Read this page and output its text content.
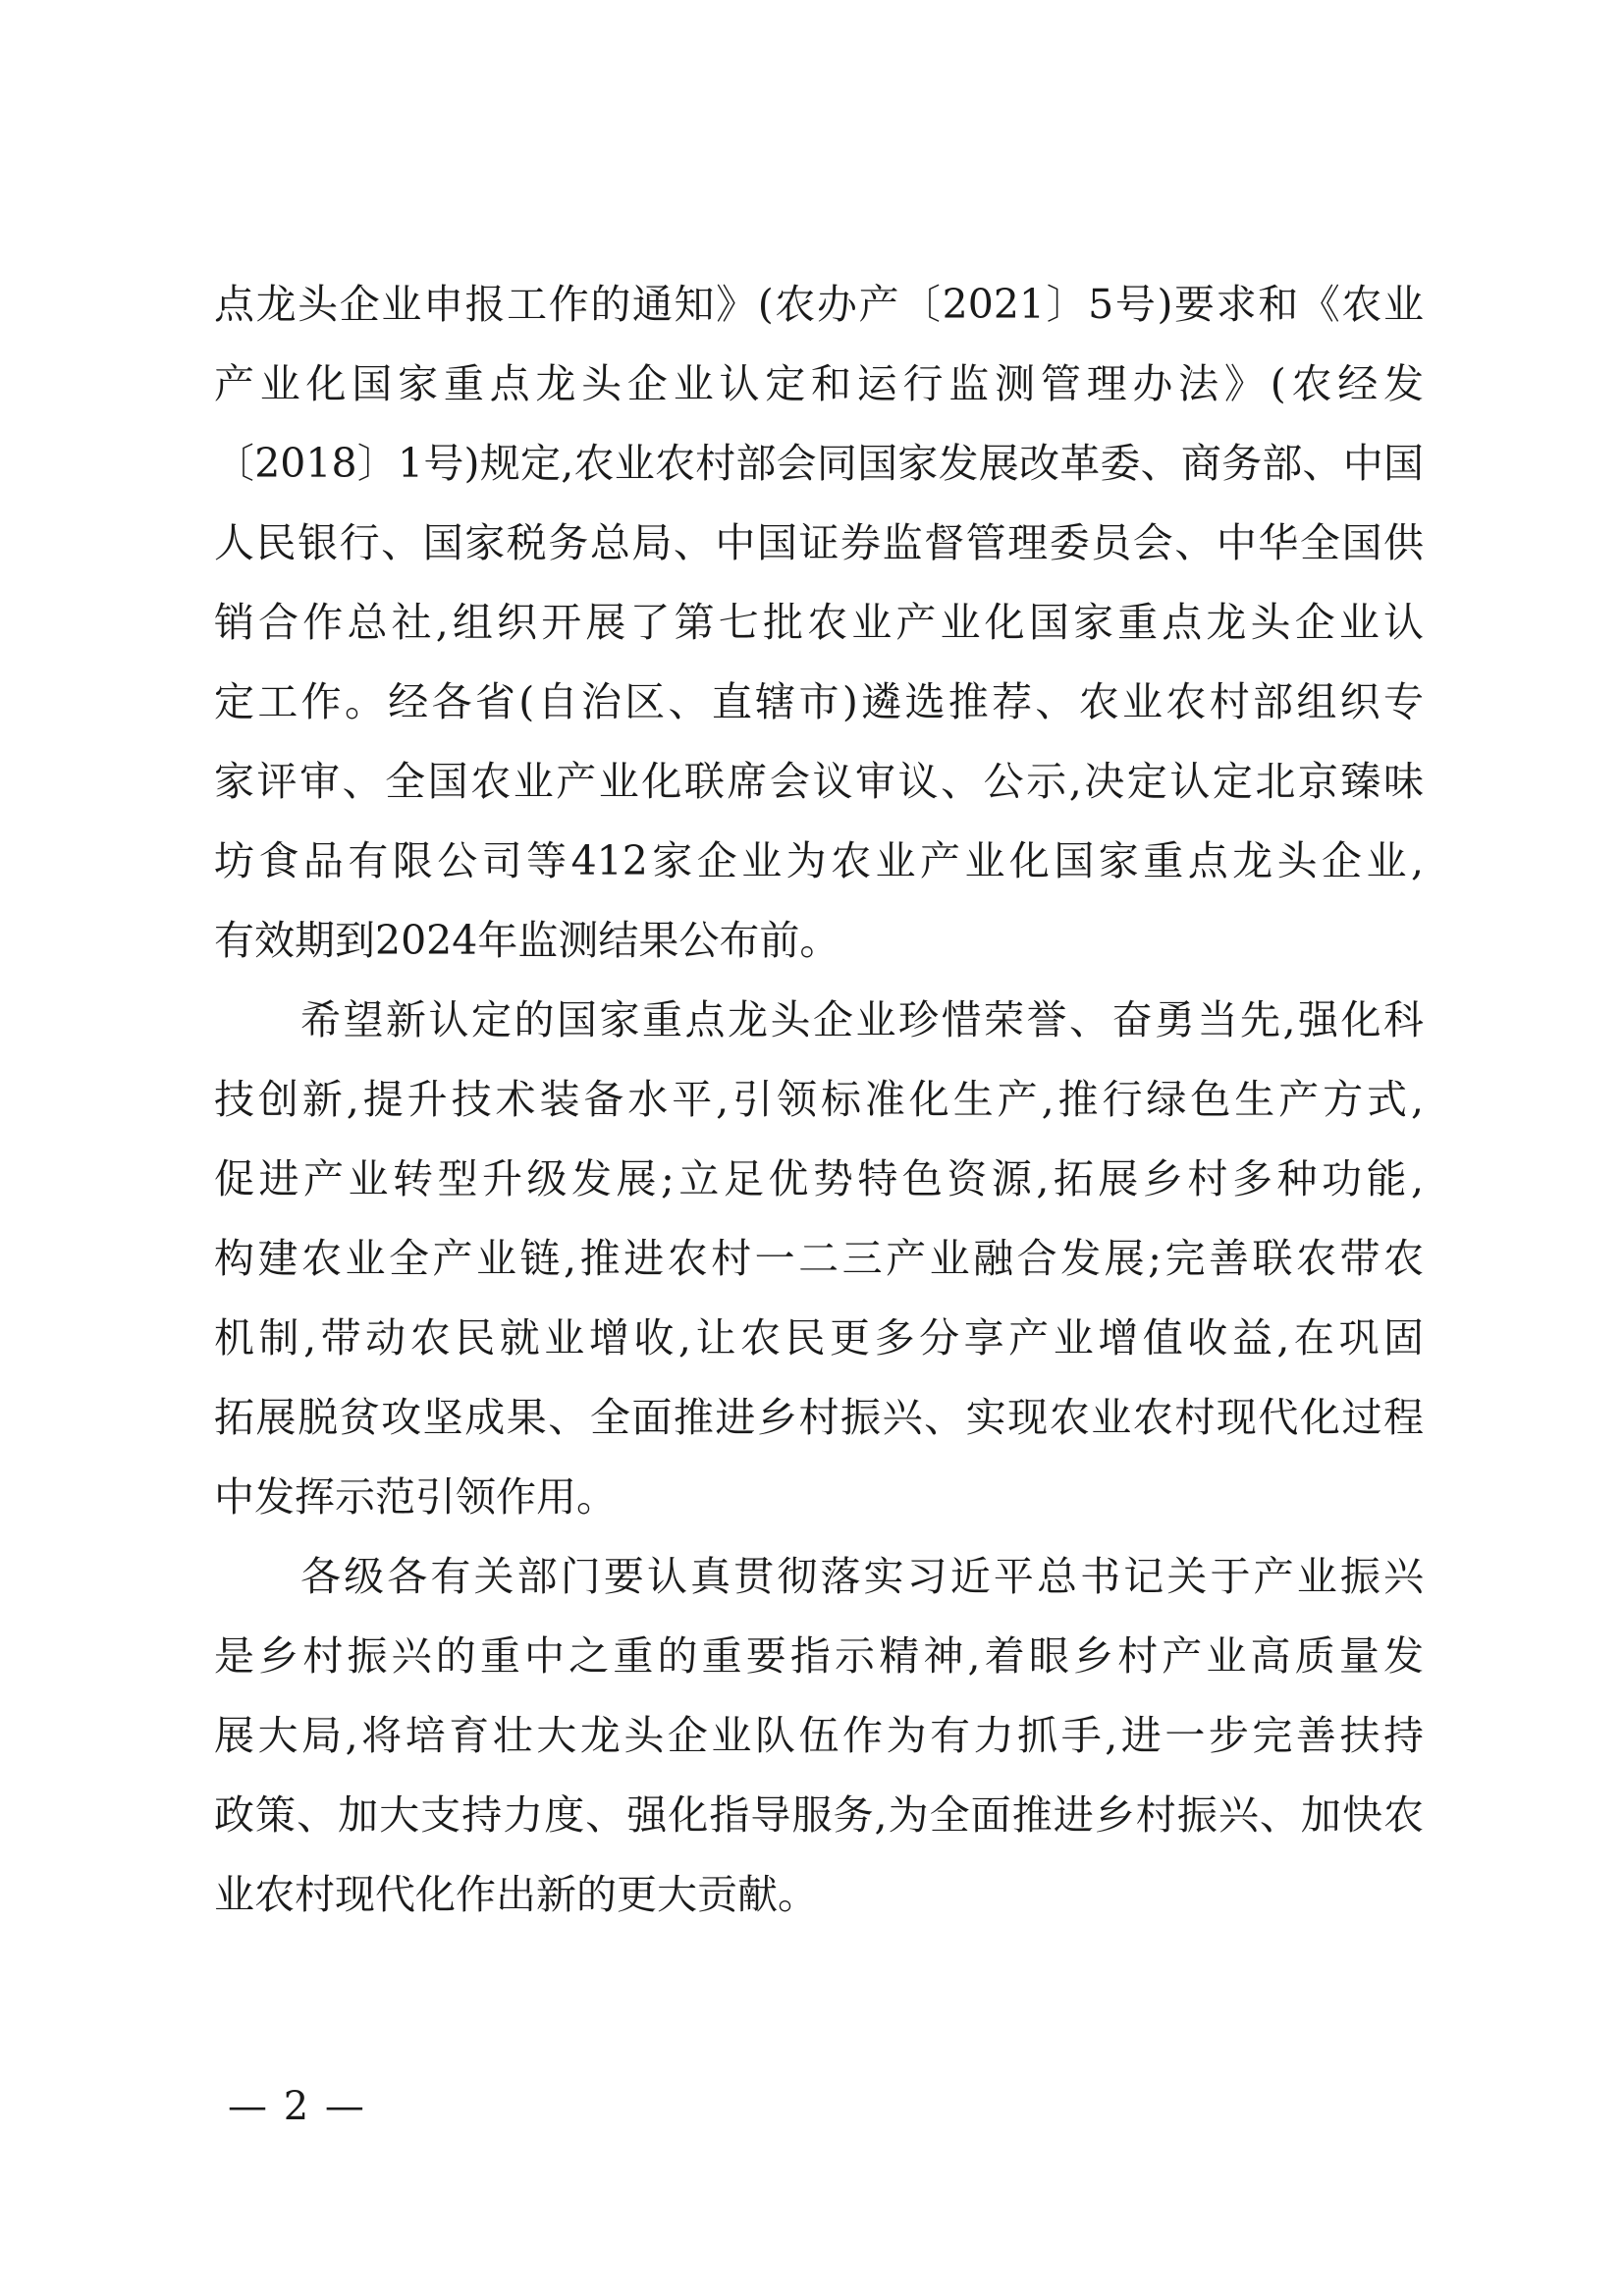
点龙头企业申报工作的通知》(农办产〔2021〕5号)要求和《农业
产业化国家重点龙头企业认定和运行监测管理办法》(农经发
〔2018〕1号)规定,农业农村部会同国家发展改革委、商务部、中国
人民银行、国家税务总局、中国证券监督管理委员会、中华全国供
销合作总社,组织开展了第七批农业产业化国家重点龙头企业认
定工作。经各省(自治区、直辖市)遴选推荐、农业农村部组织专
家评审、全国农业产业化联席会议审议、公示,决定认定北京臻味
坊食品有限公司等412家企业为农业产业化国家重点龙头企业,
有效期到2024年监测结果公布前。
希望新认定的国家重点龙头企业珍惜荣誉、奋勇当先,强化科
技创新,提升技术装备水平,引领标准化生产,推行绿色生产方式,
促进产业转型升级发展;立足优势特色资源,拓展乡村多种功能,
构建农业全产业链,推进农村一二三产业融合发展;完善联农带农
机制,带动农民就业增收,让农民更多分享产业增值收益,在巩固
拓展脱贫攻坚成果、全面推进乡村振兴、实现农业农村现代化过程
中发挥示范引领作用。
各级各有关部门要认真贯彻落实习近平总书记关于产业振兴
是乡村振兴的重中之重的重要指示精神,着眼乡村产业高质量发
展大局,将培育壮大龙头企业队伍作为有力抓手,进一步完善扶持
政策、加大支持力度、强化指导服务,为全面推进乡村振兴、加快农
业农村现代化作出新的更大贡献。
— 2 —
